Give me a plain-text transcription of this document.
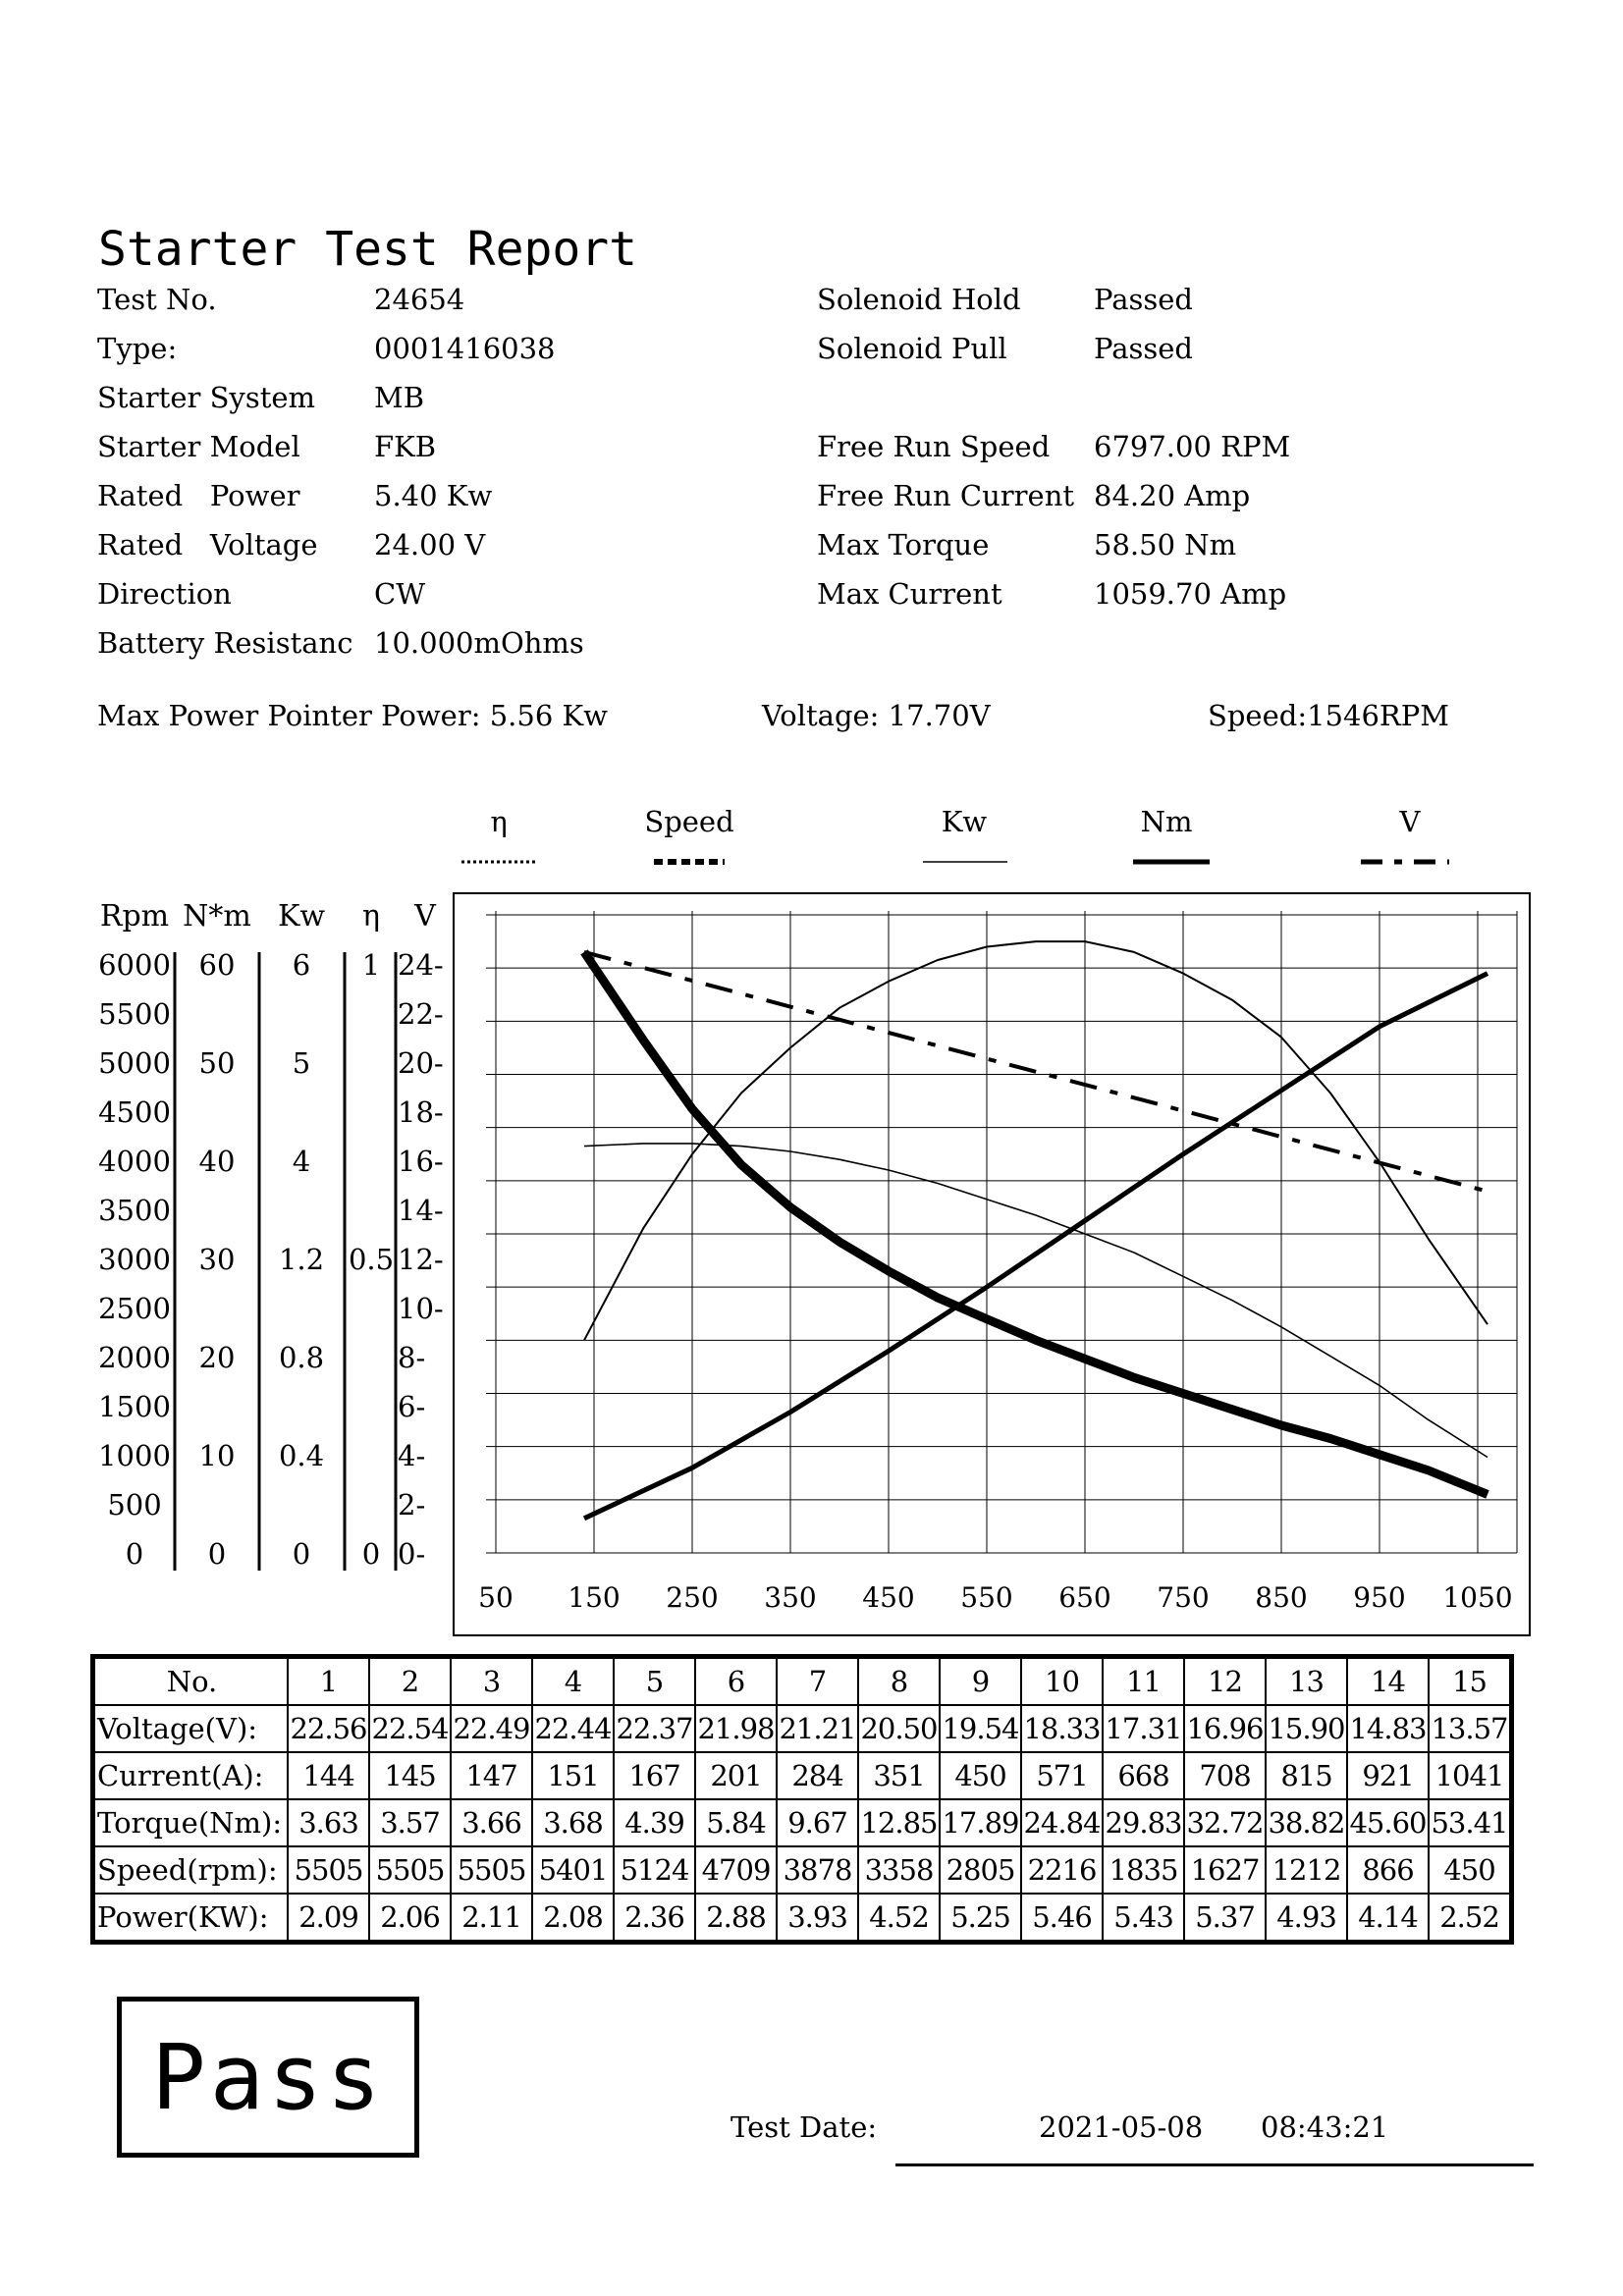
Starter Test Report
Test No.	24654
Type:	0001416038
Starter System MB
Starter Model	FKB
Rated   Power	5.40 Kw
Rated   Voltage 24.00 V
Direction	CW
Battery Resistanc 10.000mOhms
Solenoid Hold	Passed
Solenoid Pull	Passed
Free Run Speed 6797.00 RPM
Free Run Current 84.20 Amp
Max Torque	58.50 Nm
Max Current	1059.70 Amp
Max Power Pointer Power: 5.56 Kw	Voltage: 17.70V	Speed:1546RPM
50 150 250 350 450 550 650 750 850 950 1050
Rpm N*m Kw η V
6000
5500
5000
4500
4000
3500
3000
2500
2000
1500
1000
500
0
60
50
40
30
20
10
0
6
5
4
1.2
0.8
0.4
0
1
0.5
0
24-
22-
20-
18-
16-
14-
12-
10-
8-
6-
4-
2-
0-
η	Speed	Kw	Nm	V
No.	1	2	3	4	5	6	7	8	9	10	11	12	13	14	15
Voltage(V):	22.56	22.54	22.49	22.44	22.37	21.98	21.21	20.50	19.54	18.33	17.31	16.96	15.90	14.83	13.57
Current(A):	144	145	147	151	167	201	284	351	450	571	668	708	815	921	1041
Torque(Nm):	3.63	3.57	3.66	3.68	4.39	5.84	9.67	12.85	17.89	24.84	29.83	32.72	38.82	45.60	53.41
Speed(rpm):	5505	5505	5505	5401	5124	4709	3878	3358	2805	2216	1835	1627	1212	866	450
Power(KW):	2.09	2.06	2.11	2.08	2.36	2.88	3.93	4.52	5.25	5.46	5.43	5.37	4.93	4.14	2.52
Pass	Test Date:	2021-05-08 08:43:21
